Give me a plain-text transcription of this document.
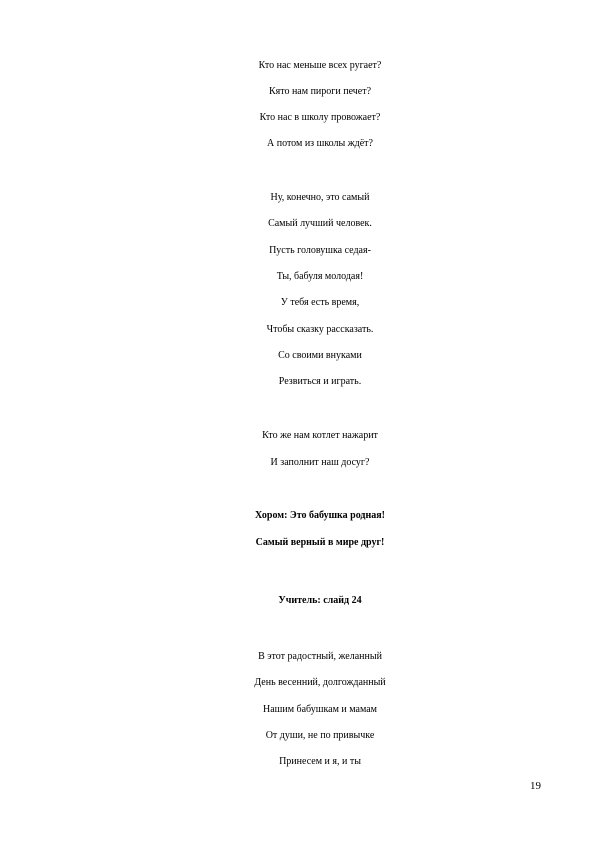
Кто нас меньше всех ругает?
Кято нам пироги печет?
Кто нас в школу провожает?
А потом из школы ждёт?
Ну, конечно, это самый
Самый лучший человек.
Пусть головушка седая-
Ты, бабуля молодая!
У тебя есть время,
Чтобы сказку рассказать.
Со своими внуками
Резвиться и играть.
Кто же нам котлет нажарит
И заполнит наш досуг?
Хором: Это бабушка родная!
Самый верный в мире друг!
Учитель: слайд 24
В этот радостный, желанный
День весенний, долгожданный
Нашим бабушкам и мамам
От души, не по привычке
Принесем и я, и ты
19
